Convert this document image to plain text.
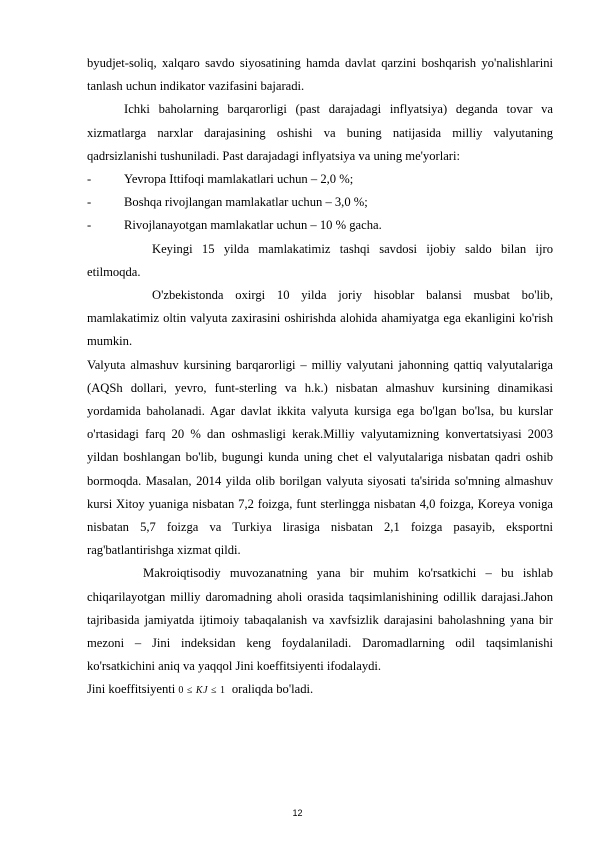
byudjet-soliq, xalqaro savdo siyosatining hamda davlat qarzini boshqarish yo'nalishlarini tanlash uchun indikator vazifasini bajaradi.

Ichki baholarning barqarorligi (past darajadagi inflyatsiya) deganda tovar va xizmatlarga narxlar darajasining oshishi va buning natijasida milliy valyutaning qadrsizlanishi tushuniladi. Past darajadagi inflyatsiya va uning me'yorlari:

-	Yevropa Ittifoqi mamlakatlari uchun – 2,0 %;
-	Boshqa rivojlangan mamlakatlar uchun – 3,0 %;
-	Rivojlanayotgan mamlakatlar uchun – 10 % gacha.

Keyingi 15 yilda mamlakatimiz tashqi savdosi ijobiy saldo bilan ijro etilmoqda.

O'zbekistonda oxirgi 10 yilda joriy hisoblar balansi musbat bo'lib, mamlakatimiz oltin valyuta zaxirasini oshirishda alohida ahamiyatga ega ekanligini ko'rish mumkin.

Valyuta almashuv kursining barqarorligi – milliy valyutani jahonning qattiq valyutalariga (AQSh dollari, yevro, funt-sterling va h.k.) nisbatan almashuv kursining dinamikasi yordamida baholanadi. Agar davlat ikkita valyuta kursiga ega bo'lgan bo'lsa, bu kurslar o'rtasidagi farq 20 % dan oshmasligi kerak.Milliy valyutamizning konvertatsiyasi 2003 yildan boshlangan bo'lib, bugungi kunda uning chet el valyutalariga nisbatan qadri oshib bormoqda. Masalan, 2014 yilda olib borilgan valyuta siyosati ta'sirida so'mning almashuv kursi Xitoy yuaniga nisbatan 7,2 foizga, funt sterlingga nisbatan 4,0 foizga, Koreya voniga nisbatan 5,7 foizga va Turkiya lirasiga nisbatan 2,1 foizga pasayib, eksportni rag'batlantirishga xizmat qildi.

Makroiqtisodiy muvozanatning yana bir muhim ko'rsatkichi – bu ishlab chiqarilayotgan milliy daromadning aholi orasida taqsimlanishining odillik darajasi.Jahon tajribasida jamiyatda ijtimoiy tabaqalanish va xavfsizlik darajasini baholashning yana bir mezoni – Jini indeksidan keng foydalaniladi. Daromadlarning odil taqsimlanishi ko'rsatkichini aniq va yaqqol Jini koeffitsiyenti ifodalaydi.

Jini koeffitsiyenti 0 ≤ KJ ≤ 1  oraliqda bo'ladi.

12
